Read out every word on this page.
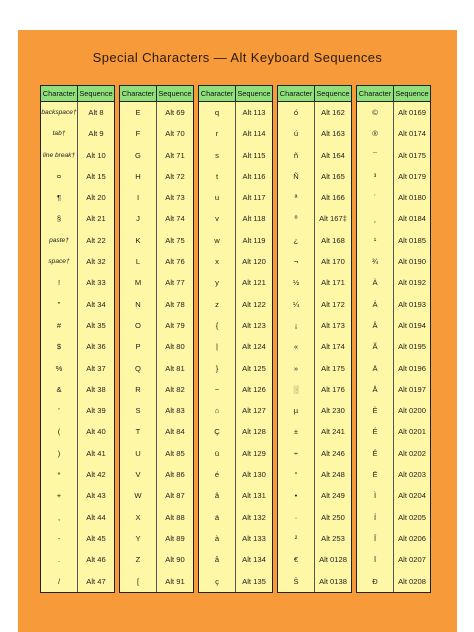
Special Characters — Alt Keyboard Sequences
Character Sequence
backspace†	Alt 8
tab†	Alt 9
line break†	Alt 10
¤	Alt 15
¶	Alt 20
§	Alt 21
paste†	Alt 22
space†	Alt 32
!	Alt 33
"	Alt 34
#	Alt 35
$	Alt 36
%	Alt 37
&	Alt 38
'	Alt 39
(	Alt 40
)	Alt 41
*	Alt 42
+	Alt 43
,	Alt 44
-	Alt 45
.	Alt 46
/	Alt 47
Character Sequence
E	Alt 69
F	Alt 70
G	Alt 71
H	Alt 72
I	Alt 73
J	Alt 74
K	Alt 75
L	Alt 76
M	Alt 77
N	Alt 78
O	Alt 79
P	Alt 80
Q	Alt 81
R	Alt 82
S	Alt 83
T	Alt 84
U	Alt 85
V	Alt 86
W	Alt 87
X	Alt 88
Y	Alt 89
Z	Alt 90
[	Alt 91
Character Sequence
q	Alt 113
r	Alt 114
s	Alt 115
t	Alt 116
u	Alt 117
v	Alt 118
w	Alt 119
x	Alt 120
y	Alt 121
z	Alt 122
{	Alt 123
|	Alt 124
}	Alt 125
~	Alt 126
⌂	Alt 127
Ç	Alt 128
ü	Alt 129
é	Alt 130
â	Alt 131
ä	Alt 132
à	Alt 133
å	Alt 134
ç	Alt 135
Character Sequence
ó	Alt 162
ú	Alt 163
ñ	Alt 164
Ñ	Alt 165
ª	Alt 166
º	Alt 167‡
¿	Alt 168
¬	Alt 170
½	Alt 171
¼	Alt 172
¡	Alt 173
«	Alt 174
»	Alt 175
░	Alt 176
µ	Alt 230
±	Alt 241
÷	Alt 246
°	Alt 248
•	Alt 249
·	Alt 250
²	Alt 253
€	Alt 0128
Š	Alt 0138
Character Sequence
©	Alt 0169
®	Alt 0174
¯	Alt 0175
³	Alt 0179
´	Alt 0180
¸	Alt 0184
¹	Alt 0185
¾	Alt 0190
À	Alt 0192
Á	Alt 0193
Â	Alt 0194
Ã	Alt 0195
Ä	Alt 0196
Å	Alt 0197
È	Alt 0200
É	Alt 0201
Ê	Alt 0202
Ë	Alt 0203
Ì	Alt 0204
Í	Alt 0205
Î	Alt 0206
Ï	Alt 0207
Ð	Alt 0208
